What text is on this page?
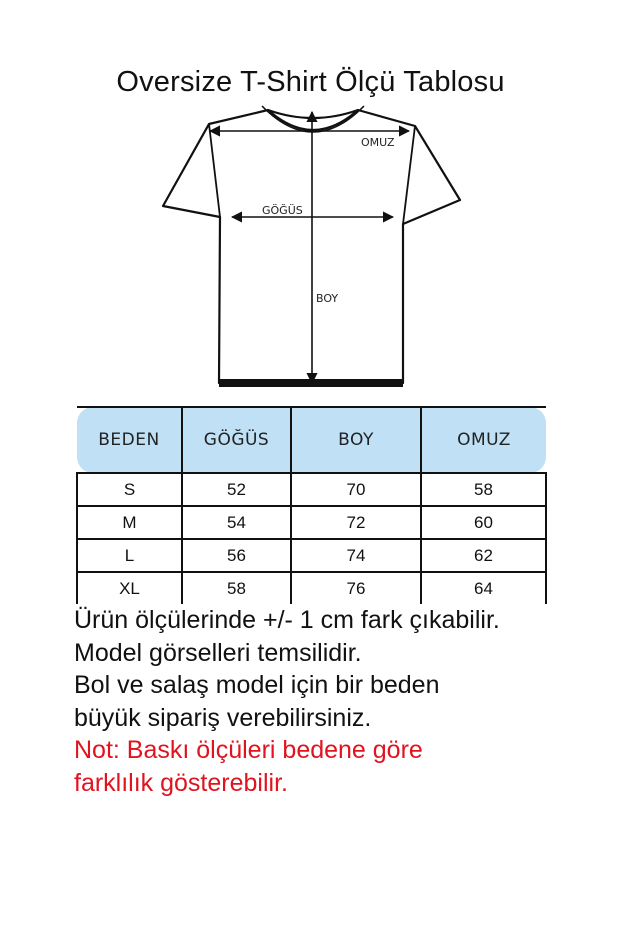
Oversize T-Shirt Ölçü Tablosu
OMUZ
GÖĞÜS
BOY
BEDEN	GÖĞÜS	BOY	OMUZ
S	52	70	58
M	54	72	60
L	56	74	62
XL	58	76	64

Ürün ölçülerinde +/- 1 cm fark çıkabilir.

Model görselleri temsilidir.

Bol ve salaş model için bir beden

büyük sipariş verebilirsiniz.

Not: Baskı ölçüleri bedene göre

farklılık gösterebilir.
